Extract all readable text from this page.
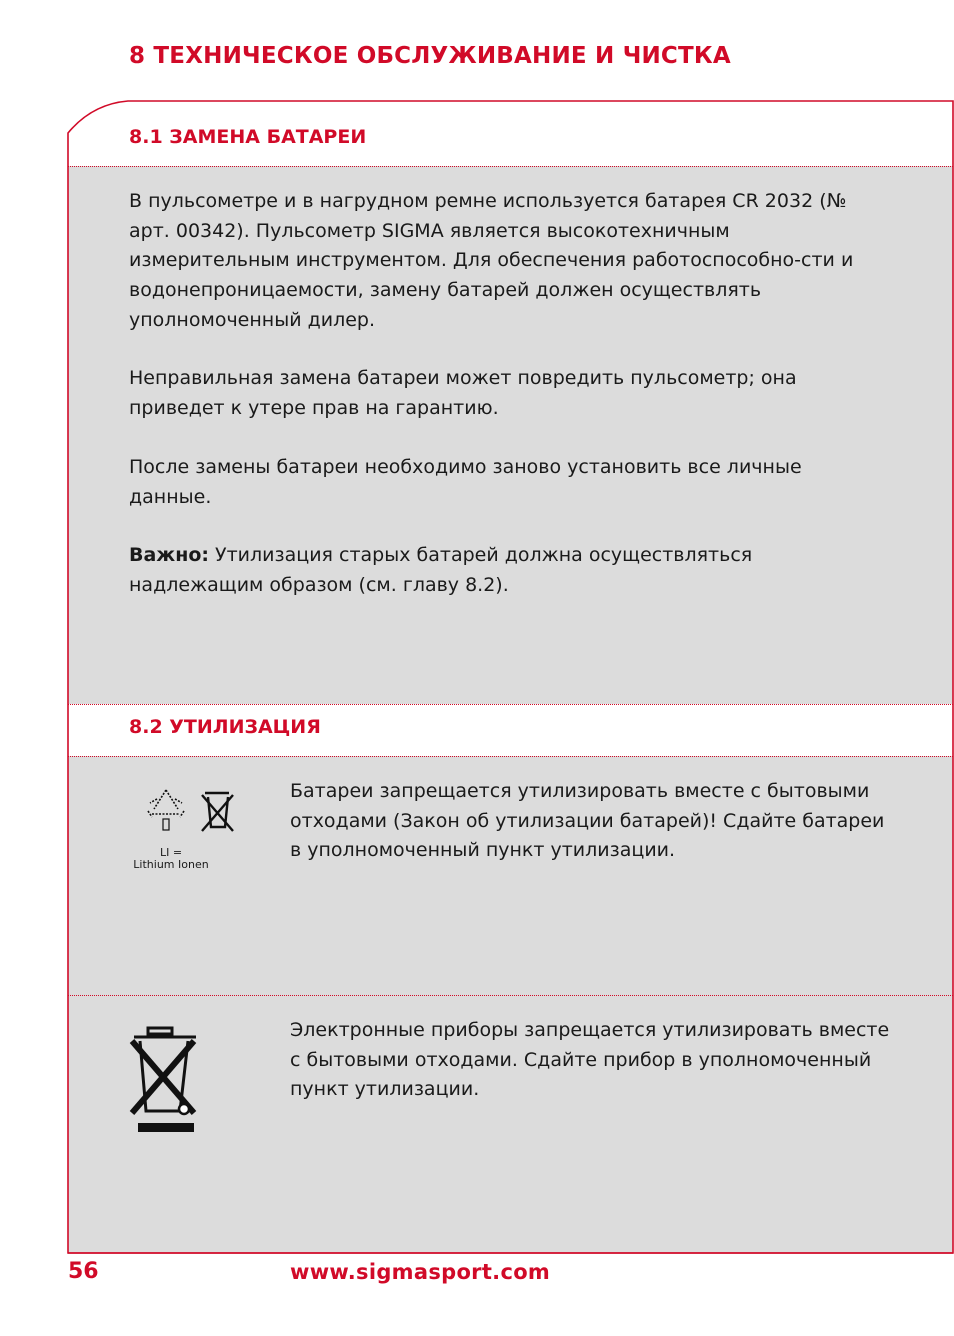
8 ТЕХНИЧЕСКОЕ ОБСЛУЖИВАНИЕ И ЧИСТКА
8.1 ЗАМЕНА БАТАРЕИ

В пульсометре и в нагрудном ремне используется батарея CR 2032 (№ арт. 00342). Пульсометр SIGMA является высокотехничным измерительным инструментом. Для обеспечения работоспособно-сти и водонепроницаемости, замену батарей должен осуществлять уполномоченный дилер.

Неправильная замена батареи может повредить пульсометр; она приведет к утере прав на гарантию.

После замены батареи необходимо заново установить все личные данные.

Важно: Утилизация старых батарей должна осуществляться надлежащим образом (см. главу 8.2).

8.2 УТИЛИЗАЦИЯ

LI =

Lithium Ionen

Батареи запрещается утилизировать вместе с бытовыми отходами (Закон об утилизации батарей)! Сдайте батареи в уполномоченный пункт утилизации.

Электронные приборы запрещается утилизировать вместе с бытовыми отходами. Сдайте прибор в уполномоченный пункт утилизации.

56	www.sigmasport.com
